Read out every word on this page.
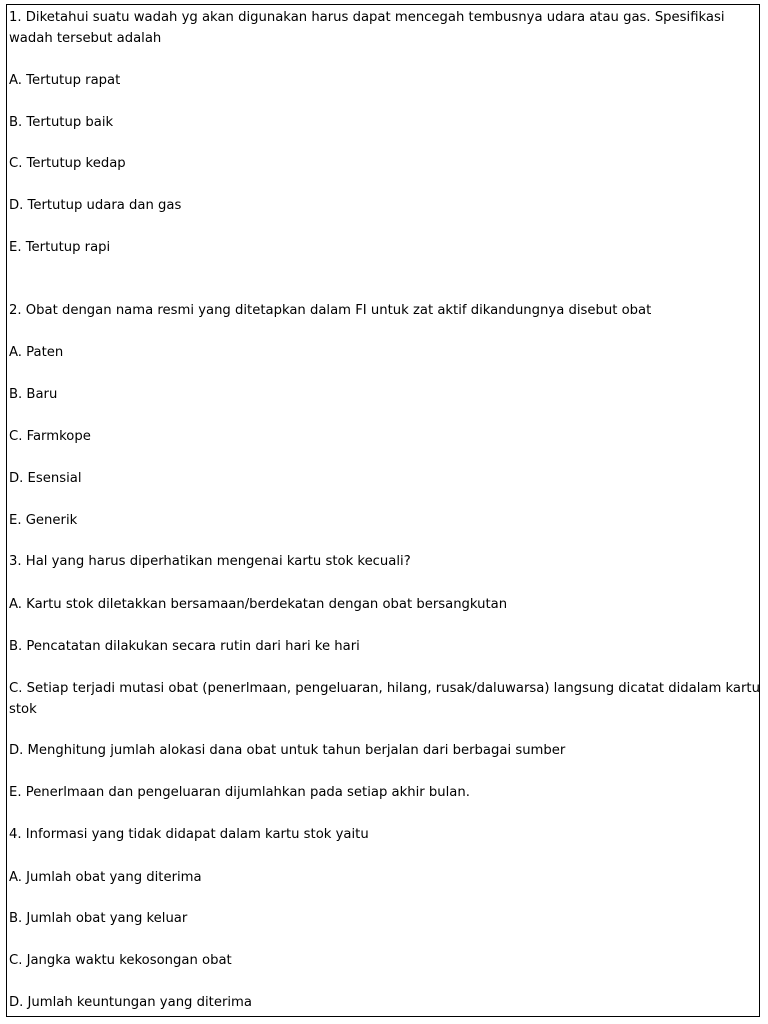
1. Diketahui suatu wadah yg akan digunakan harus dapat mencegah tembusnya udara atau gas. Spesifikasi wadah tersebut adalah
A. Tertutup rapat
B. Tertutup baik
C. Tertutup kedap
D. Tertutup udara dan gas
E. Tertutup rapi
2. Obat dengan nama resmi yang ditetapkan dalam FI untuk zat aktif dikandungnya disebut obat
A. Paten
B. Baru
C. Farmkope
D. Esensial
E. Generik
3. Hal yang harus diperhatikan mengenai kartu stok kecuali?
A. Kartu stok diletakkan bersamaan/berdekatan dengan obat bersangkutan
B. Pencatatan dilakukan secara rutin dari hari ke hari
C. Setiap terjadi mutasi obat (penerlmaan, pengeluaran, hilang, rusak/daluwarsa) langsung dicatat didalam kartu stok
D. Menghitung jumlah alokasi dana obat untuk tahun berjalan dari berbagai sumber
E. Penerlmaan dan pengeluaran dijumlahkan pada setiap akhir bulan.
4. Informasi yang tidak didapat dalam kartu stok yaitu
A. Jumlah obat yang diterima
B. Jumlah obat yang keluar
C. Jangka waktu kekosongan obat
D. Jumlah keuntungan yang diterima
